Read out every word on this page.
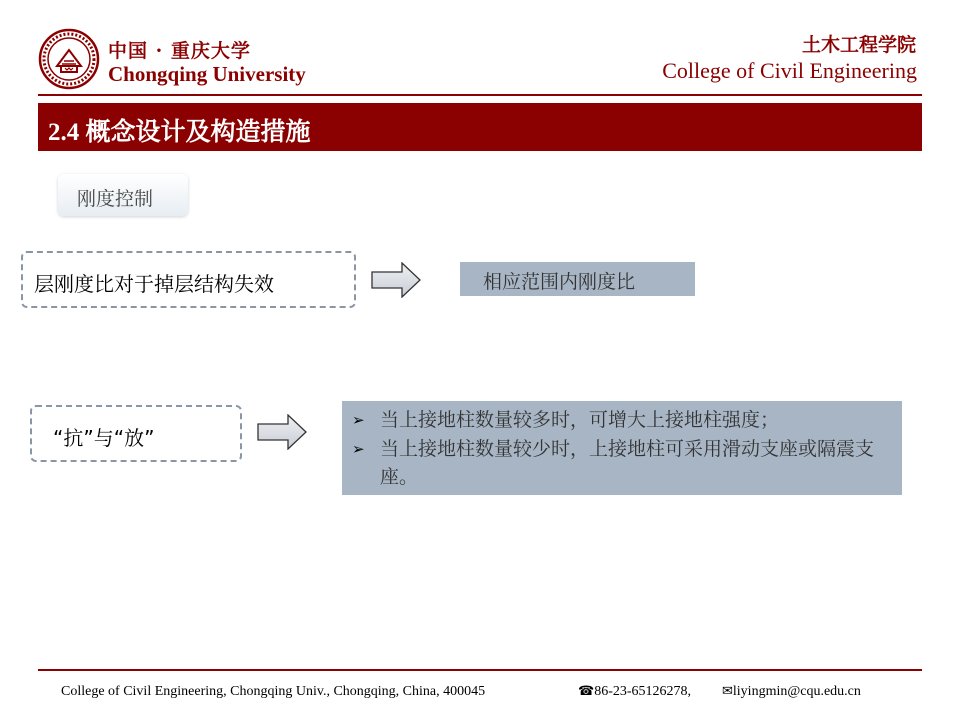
中国 · 重庆大学
Chongqing University
土木工程学院
College of Civil Engineering
2.4 概念设计及构造措施
刚度控制
层刚度比对于掉层结构失效	相应范围内刚度比
“抗”与“放”
➢ 当上接地柱数量较多时，可增大上接地柱强度；
➢ 当上接地柱数量较少时，上接地柱可采用滑动支座或隔震支座。
College of Civil Engineering, Chongqing Univ., Chongqing, China, 400045	☎86-23-65126278, ✉liyingmin@cqu.edu.cn
